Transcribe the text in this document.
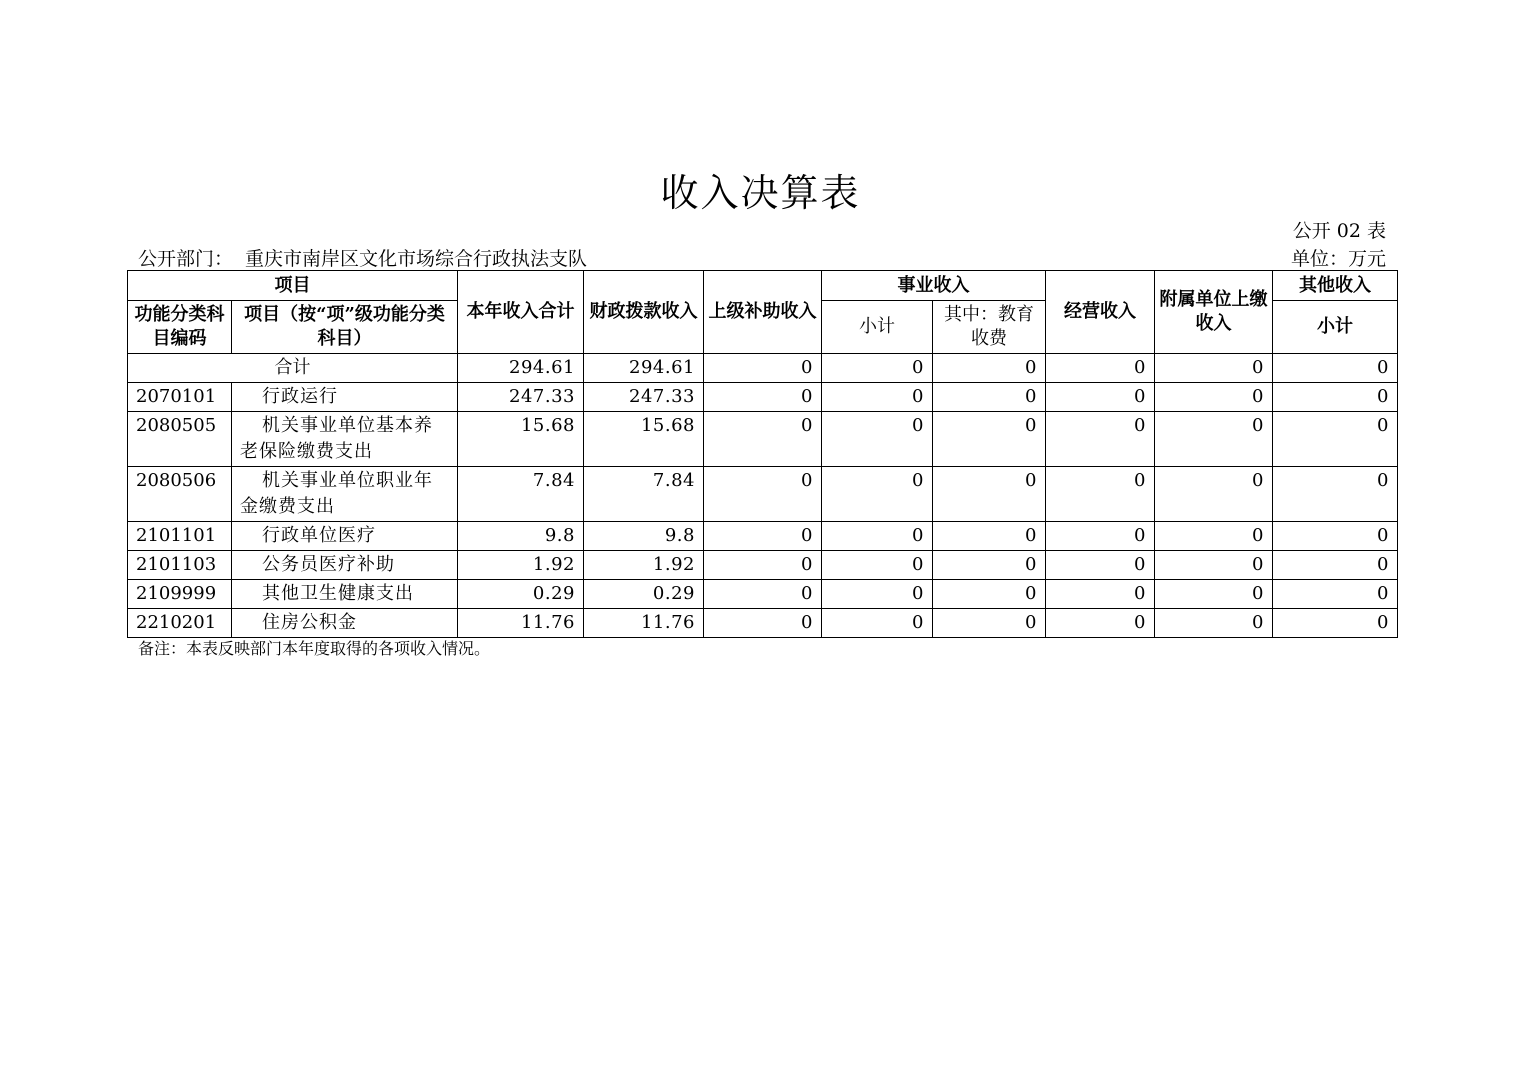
收入决算表
公开 02 表
公开部门： 重庆市南岸区文化市场综合行政执法支队	单位：万元
项目		本年收入合计	财政拨款收入	上级补助收入	事业收入		经营收入	附属单位上缴收入	其他收入
功能分类科目编码	项目（按“项”级功能分类科目）				小计	其中：教育收费			小计
合计		294.61	294.61	0	0	0	0	0	0
2070101	行政运行	247.33	247.33	0	0	0	0	0	0
2080505	机关事业单位基本养老保险缴费支出	15.68	15.68	0	0	0	0	0	0
2080506	机关事业单位职业年金缴费支出	7.84	7.84	0	0	0	0	0	0
2101101	行政单位医疗	9.8	9.8	0	0	0	0	0	0
2101103	公务员医疗补助	1.92	1.92	0	0	0	0	0	0
2109999	其他卫生健康支出	0.29	0.29	0	0	0	0	0	0
2210201	住房公积金	11.76	11.76	0	0	0	0	0	0
备注：本表反映部门本年度取得的各项收入情况。
